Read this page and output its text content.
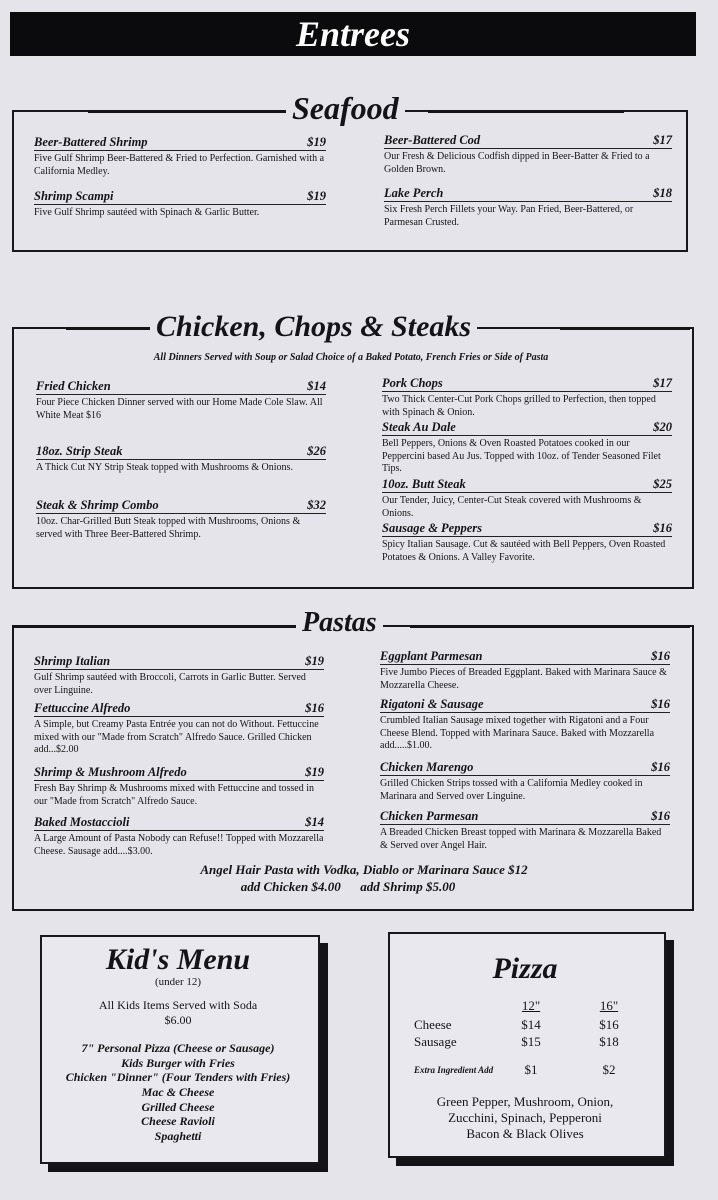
Entrees
Seafood
Beer-Battered Shrimp	$19
Five Gulf Shrimp Beer-Battered & Fried to Perfection. Garnished with a California Medley.
Shrimp Scampi	$19
Five Gulf Shrimp sautéed with Spinach & Garlic Butter.
Beer-Battered Cod	$17
Our Fresh & Delicious Codfish dipped in Beer-Batter & Fried to a Golden Brown.
Lake Perch	$18
Six Fresh Perch Fillets your Way. Pan Fried, Beer-Battered, or Parmesan Crusted.
Chicken, Chops & Steaks
All Dinners Served with Soup or Salad Choice of a Baked Potato, French Fries or Side of Pasta
Fried Chicken	$14
Four Piece Chicken Dinner served with our Home Made Cole Slaw. All White Meat $16
18oz. Strip Steak	$26
A Thick Cut NY Strip Steak topped with Mushrooms & Onions.
Steak & Shrimp Combo	$32
10oz. Char-Grilled Butt Steak topped with Mushrooms, Onions & served with Three Beer-Battered Shrimp.
Pork Chops	$17
Two Thick Center-Cut Pork Chops grilled to Perfection, then topped with Spinach & Onion.
Steak Au Dale	$20
Bell Peppers, Onions & Oven Roasted Potatoes cooked in our Peppercini based Au Jus. Topped with 10oz. of Tender Seasoned Filet Tips.
10oz. Butt Steak	$25
Our Tender, Juicy, Center-Cut Steak covered with Mushrooms & Onions.
Sausage & Peppers	$16
Spicy Italian Sausage. Cut & sautéed with Bell Peppers, Oven Roasted Potatoes & Onions. A Valley Favorite.
Pastas
Shrimp Italian	$19
Gulf Shrimp sautéed with Broccoli, Carrots in Garlic Butter. Served over Linguine.
Fettuccine Alfredo	$16
A Simple, but Creamy Pasta Entrée you can not do Without. Fettuccine mixed with our "Made from Scratch" Alfredo Sauce. Grilled Chicken add...$2.00
Shrimp & Mushroom Alfredo	$19
Fresh Bay Shrimp & Mushrooms mixed with Fettuccine and tossed in our "Made from Scratch" Alfredo Sauce.
Baked Mostaccioli	$14
A Large Amount of Pasta Nobody can Refuse!! Topped with Mozzarella Cheese. Sausage add....$3.00.
Eggplant Parmesan	$16
Five Jumbo Pieces of Breaded Eggplant. Baked with Marinara Sauce & Mozzarella Cheese.
Rigatoni & Sausage	$16
Crumbled Italian Sausage mixed together with Rigatoni and a Four Cheese Blend. Topped with Marinara Sauce. Baked with Mozzarella add.....$1.00.
Chicken Marengo	$16
Grilled Chicken Strips tossed with a California Medley cooked in Marinara and Served over Linguine.
Chicken Parmesan	$16
A Breaded Chicken Breast topped with Marinara & Mozzarella Baked & Served over Angel Hair.
Angel Hair Pasta with Vodka, Diablo or Marinara Sauce $12
add Chicken $4.00      add Shrimp $5.00
Kid's Menu
(under 12)
All Kids Items Served with Soda
$6.00
7" Personal Pizza (Cheese or Sausage)
Kids Burger with Fries
Chicken "Dinner" (Four Tenders with Fries)
Mac & Cheese
Grilled Cheese
Cheese Ravioli
Spaghetti
Pizza
12"	16"
Cheese	$14	$16
Sausage	$15	$18
Extra Ingredient Add	$1	$2
Green Pepper, Mushroom, Onion,
Zucchini, Spinach, Pepperoni
Bacon & Black Olives
